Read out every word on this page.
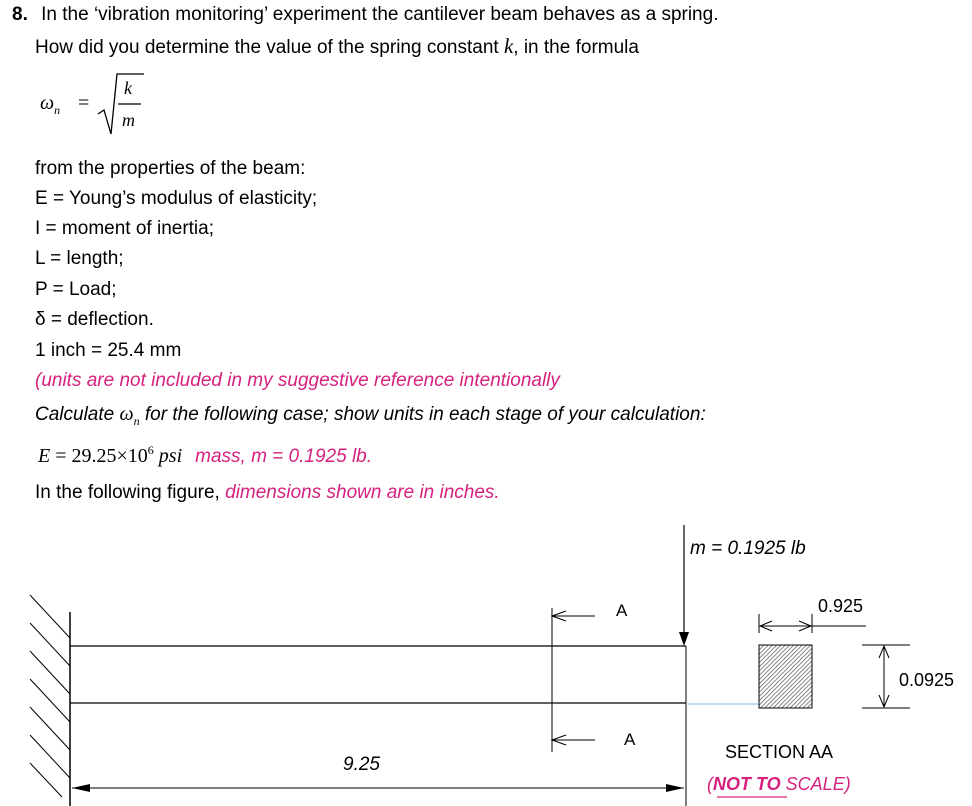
8. In the ‘vibration monitoring’ experiment the cantilever beam behaves as a spring.
How did you determine the value of the spring constant k, in the formula
$\omega_n$ =
k
m
from the properties of the beam:
E = Young’s modulus of elasticity;
I = moment of inertia;
L = length;
P = Load;
δ = deflection.
1 inch = 25.4 mm
(units are not included in my suggestive reference intentionally
Calculate $\omega_n$ for the following case; show units in each stage of your calculation:
$E = 29.25\times 10^6$ psi mass, m = 0.1925 lb.
In the following figure, dimensions shown are in inches.
m = 0.1925 lb
A
A
9.25
0.925
0.0925
SECTION AA
(NOT TO SCALE)
